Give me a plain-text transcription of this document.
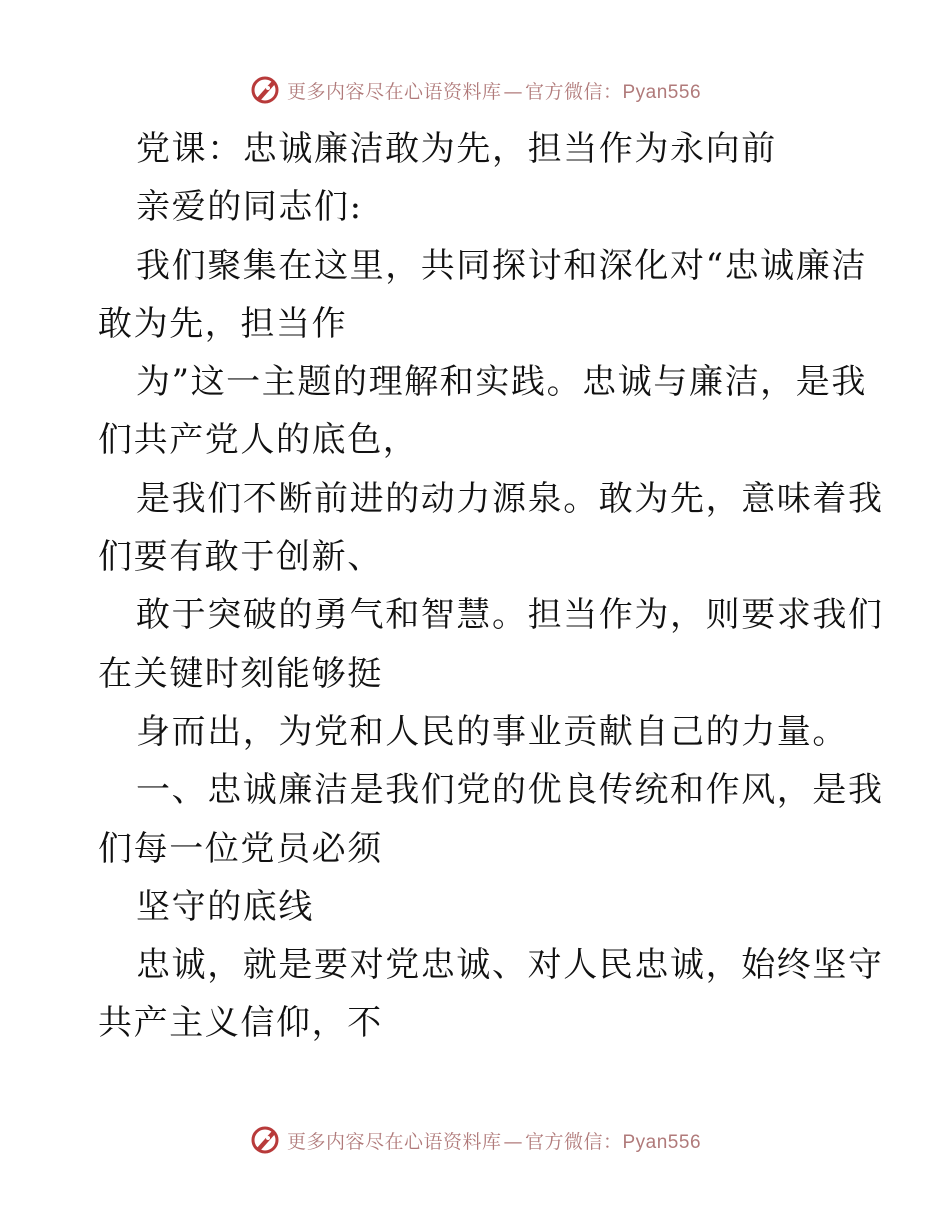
更多内容尽在心语资料库 — 官方微信：Pyan556
党课：忠诚廉洁敢为先，担当作为永向前
亲爱的同志们:
我们聚集在这里，共同探讨和深化对“忠诚廉洁
敢为先，担当作
为”这一主题的理解和实践。忠诚与廉洁，是我
们共产党人的底色，
是我们不断前进的动力源泉。敢为先，意味着我
们要有敢于创新、
敢于突破的勇气和智慧。担当作为，则要求我们
在关键时刻能够挺
身而出，为党和人民的事业贡献自己的力量。
一、忠诚廉洁是我们党的优良传统和作风，是我
们每一位党员必须
坚守的底线
忠诚，就是要对党忠诚、对人民忠诚，始终坚守
共产主义信仰，不
更多内容尽在心语资料库 — 官方微信：Pyan556
